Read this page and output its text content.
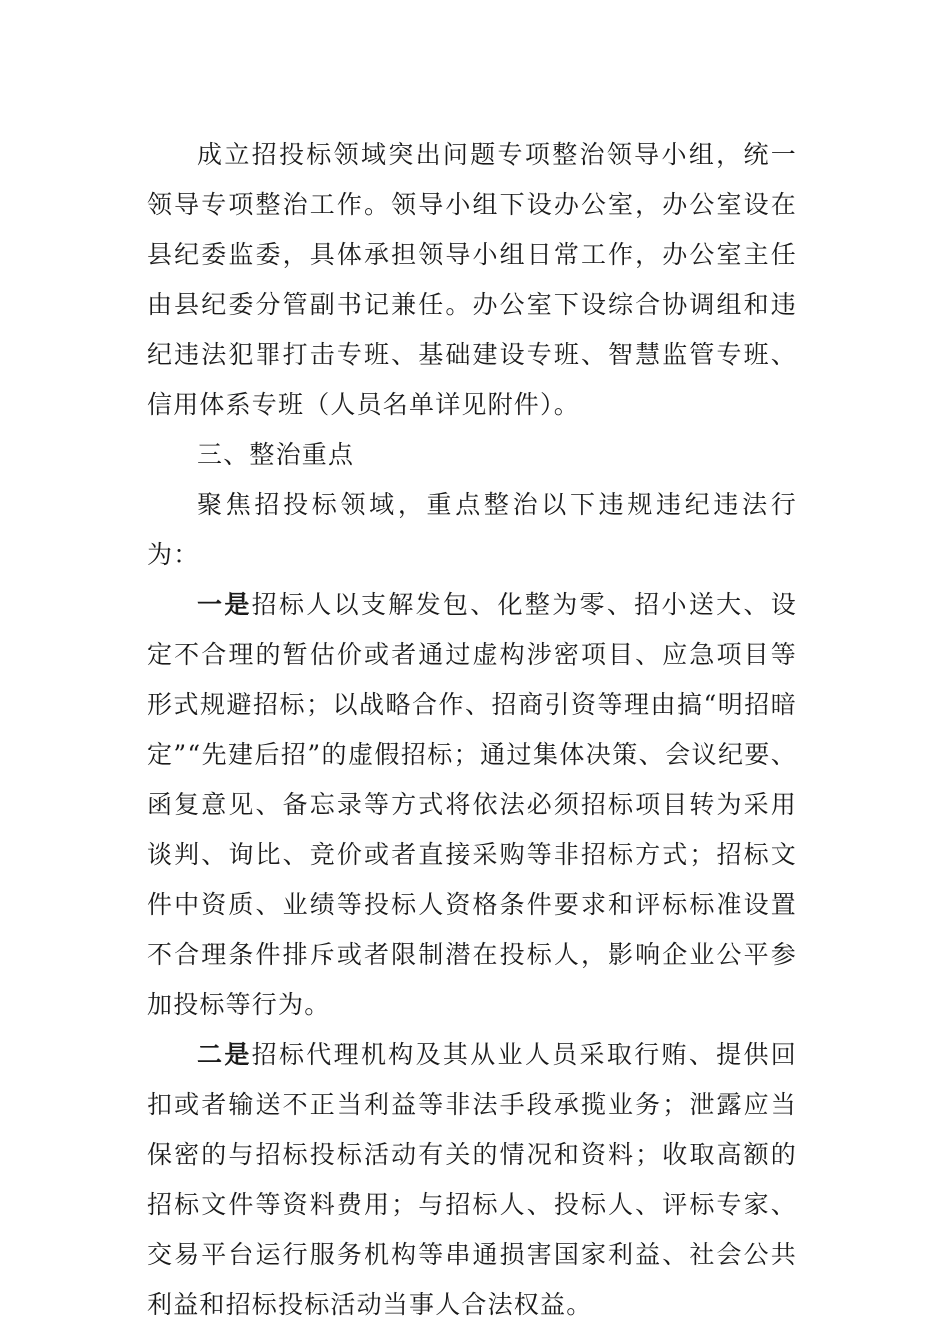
成立招投标领域突出问题专项整治领导小组，统一领导专项整治工作。领导小组下设办公室，办公室设在县纪委监委，具体承担领导小组日常工作，办公室主任由县纪委分管副书记兼任。办公室下设综合协调组和违纪违法犯罪打击专班、基础建设专班、智慧监管专班、信用体系专班（人员名单详见附件）。

三、整治重点

聚焦招投标领域，重点整治以下违规违纪违法行为：

一是招标人以支解发包、化整为零、招小送大、设定不合理的暂估价或者通过虚构涉密项目、应急项目等形式规避招标；以战略合作、招商引资等理由搞“明招暗定”“先建后招”的虚假招标；通过集体决策、会议纪要、函复意见、备忘录等方式将依法必须招标项目转为采用谈判、询比、竞价或者直接采购等非招标方式；招标文件中资质、业绩等投标人资格条件要求和评标标准设置不合理条件排斥或者限制潜在投标人，影响企业公平参加投标等行为。

二是招标代理机构及其从业人员采取行贿、提供回扣或者输送不正当利益等非法手段承揽业务；泄露应当保密的与招标投标活动有关的情况和资料；收取高额的招标文件等资料费用；与招标人、投标人、评标专家、交易平台运行服务机构等串通损害国家利益、社会公共利益和招标投标活动当事人合法权益。
